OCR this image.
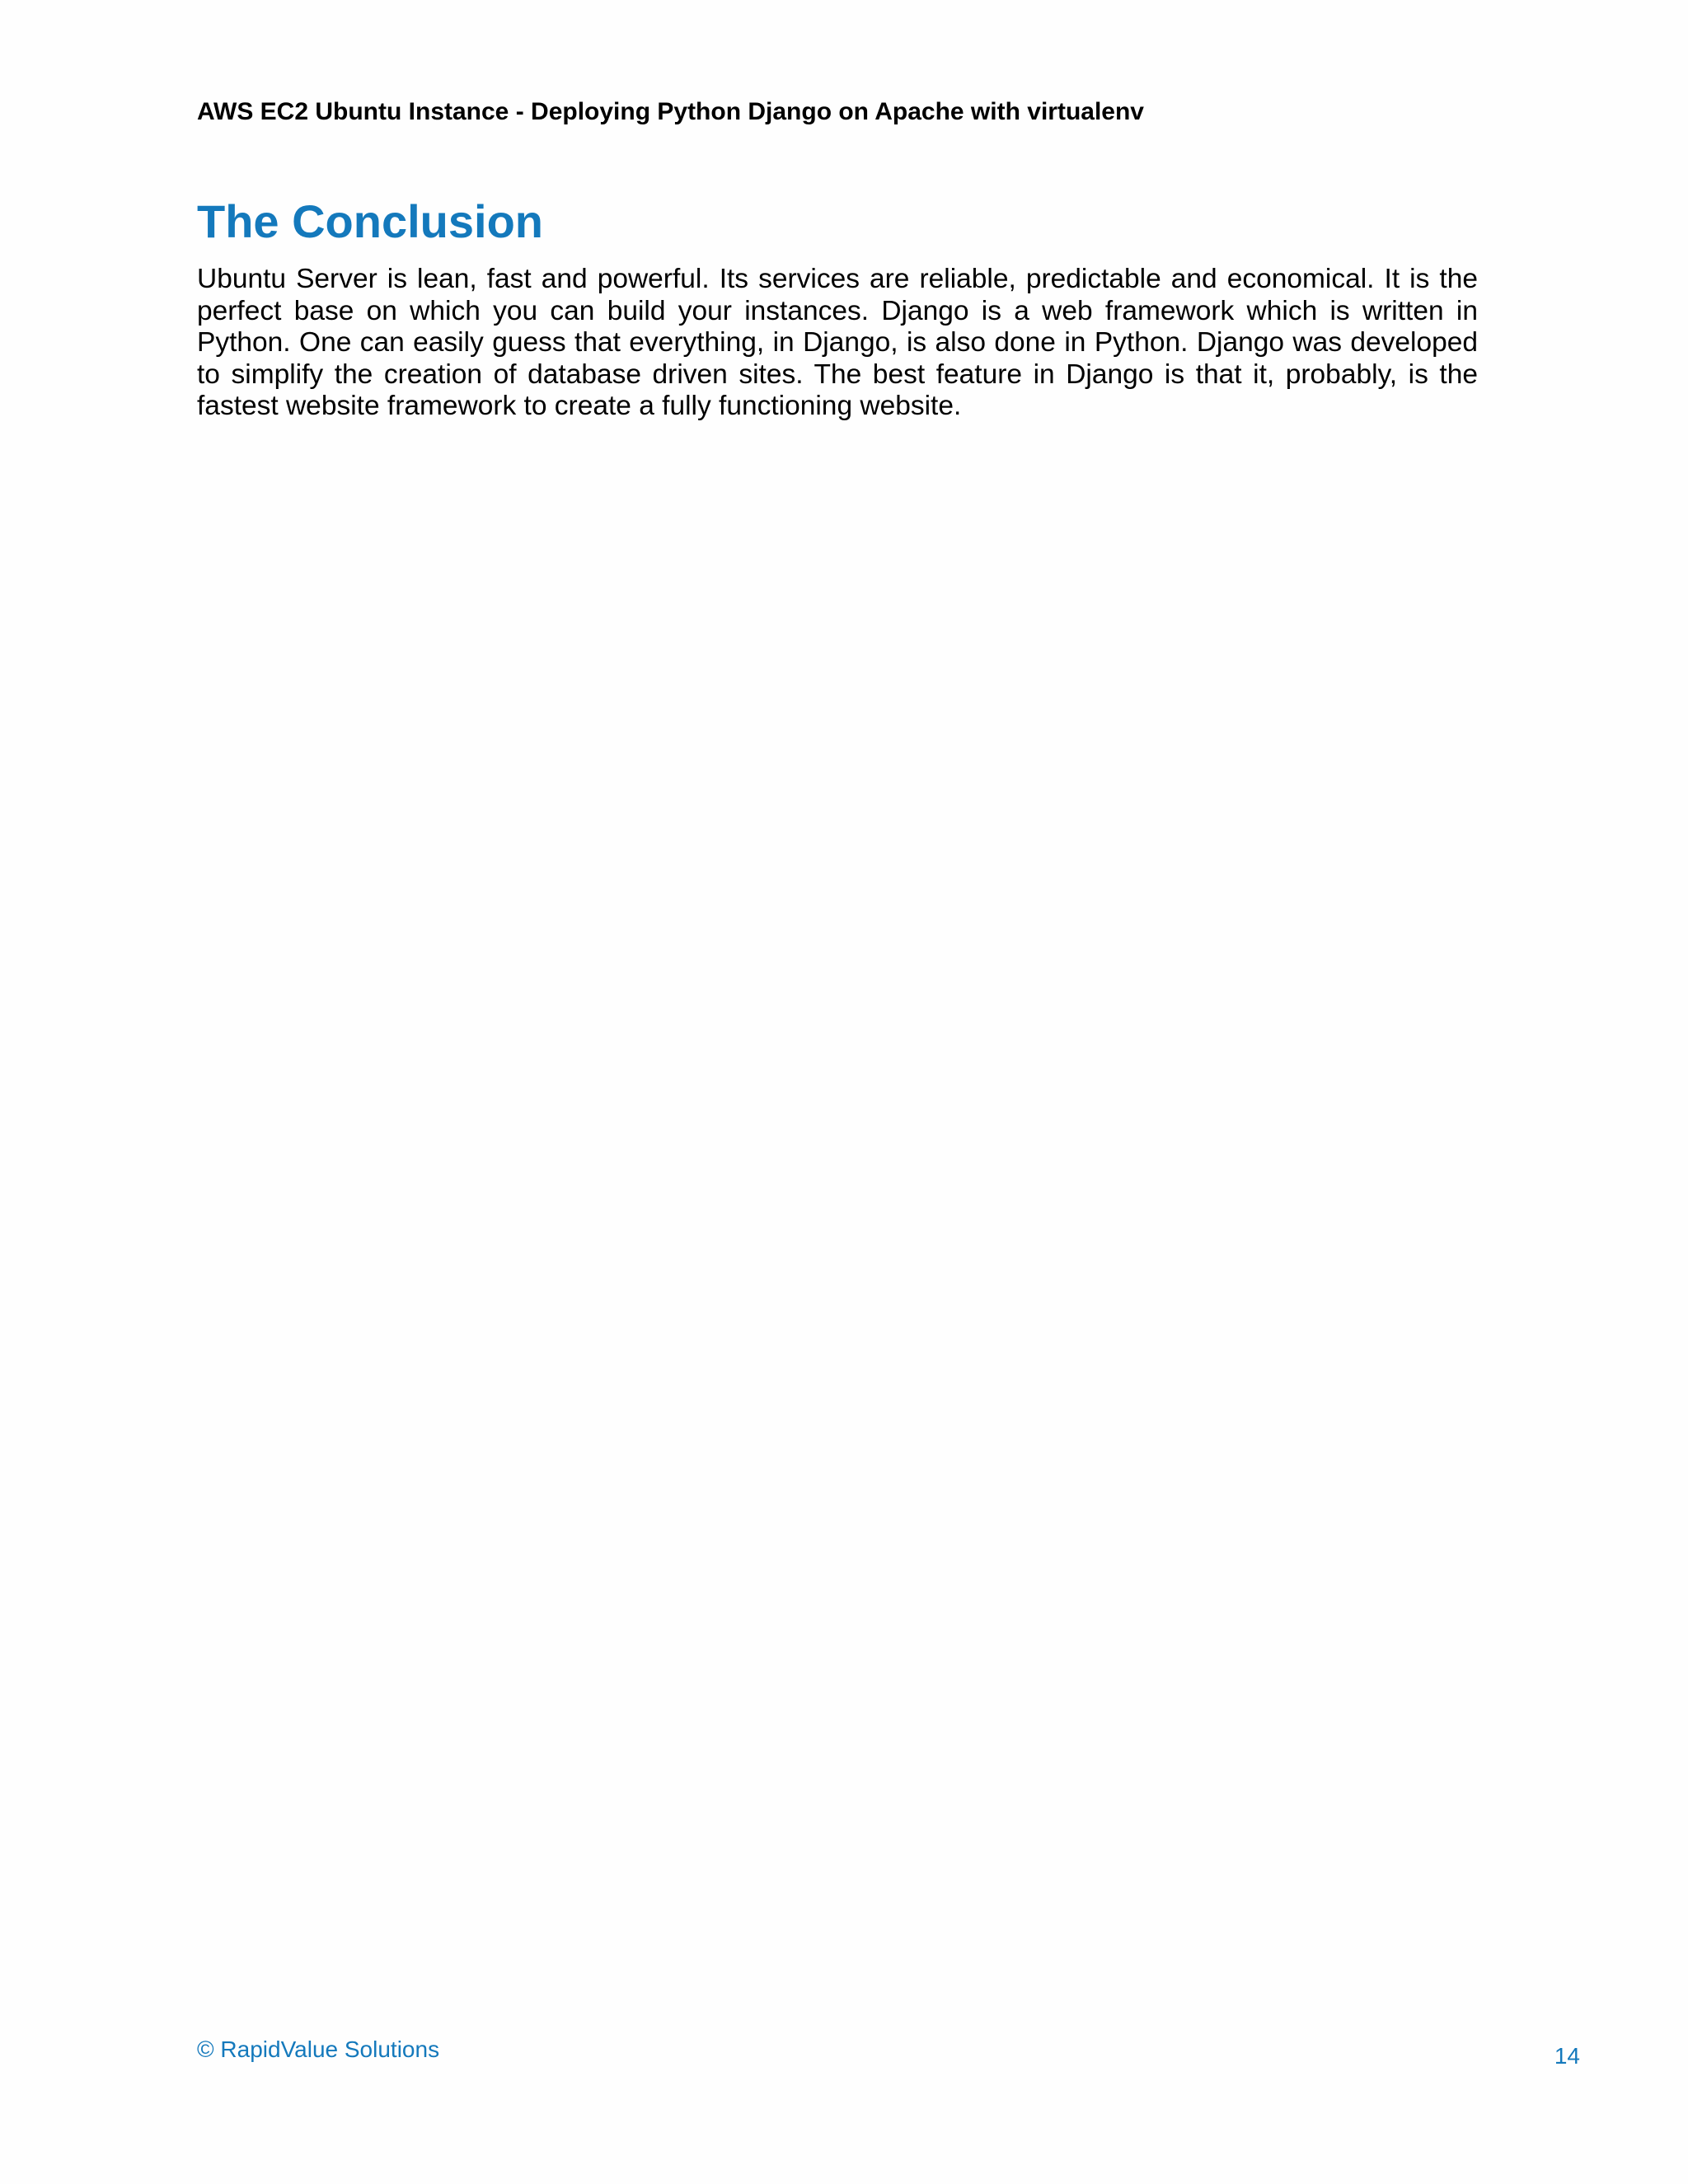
AWS EC2 Ubuntu Instance - Deploying Python Django on Apache with virtualenv
The Conclusion

Ubuntu Server is lean, fast and powerful. Its services are reliable, predictable and economical. It is the perfect base on which you can build your instances. Django is a web framework which is written in Python. One can easily guess that everything, in Django, is also done in Python. Django was developed to simplify the creation of database driven sites. The best feature in Django is that it, probably, is the fastest website framework to create a fully functioning website.

© RapidValue Solutions	14
